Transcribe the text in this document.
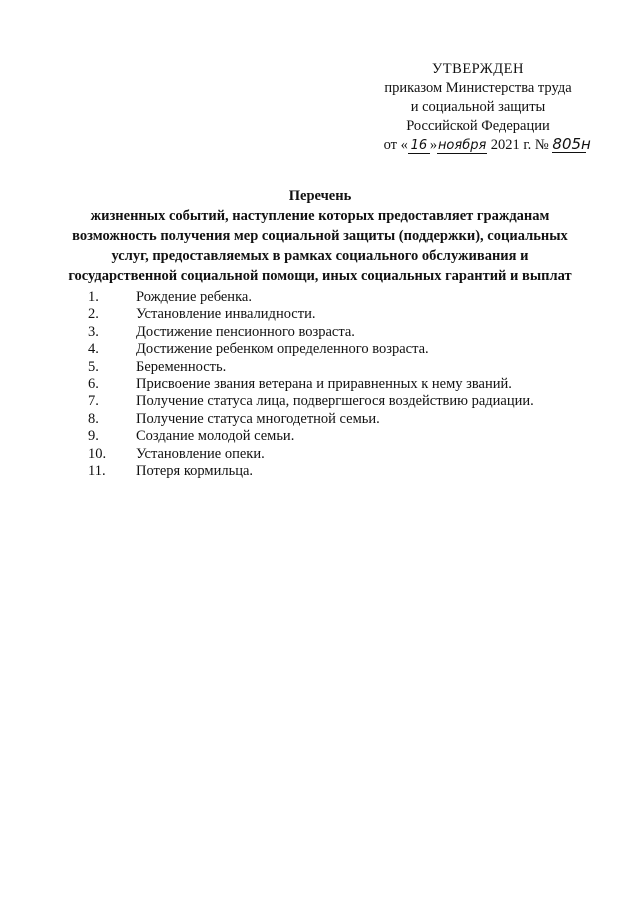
УТВЕРЖДЕН
приказом Министерства труда
и социальной защиты
Российской Федерации
от « 16 »ноября 2021 г. № 805н
Перечень
жизненных событий, наступление которых предоставляет гражданам
возможность получения мер социальной защиты (поддержки), социальных
услуг, предоставляемых в рамках социального обслуживания и
государственной социальной помощи, иных социальных гарантий и выплат
1.	Рождение ребенка.
2.	Установление инвалидности.
3.	Достижение пенсионного возраста.
4.	Достижение ребенком определенного возраста.
5.	Беременность.
6.	Присвоение звания ветерана и приравненных к нему званий.
7.	Получение статуса лица, подвергшегося воздействию радиации.
8.	Получение статуса многодетной семьи.
9.	Создание молодой семьи.
10.	Установление опеки.
11.	Потеря кормильца.
